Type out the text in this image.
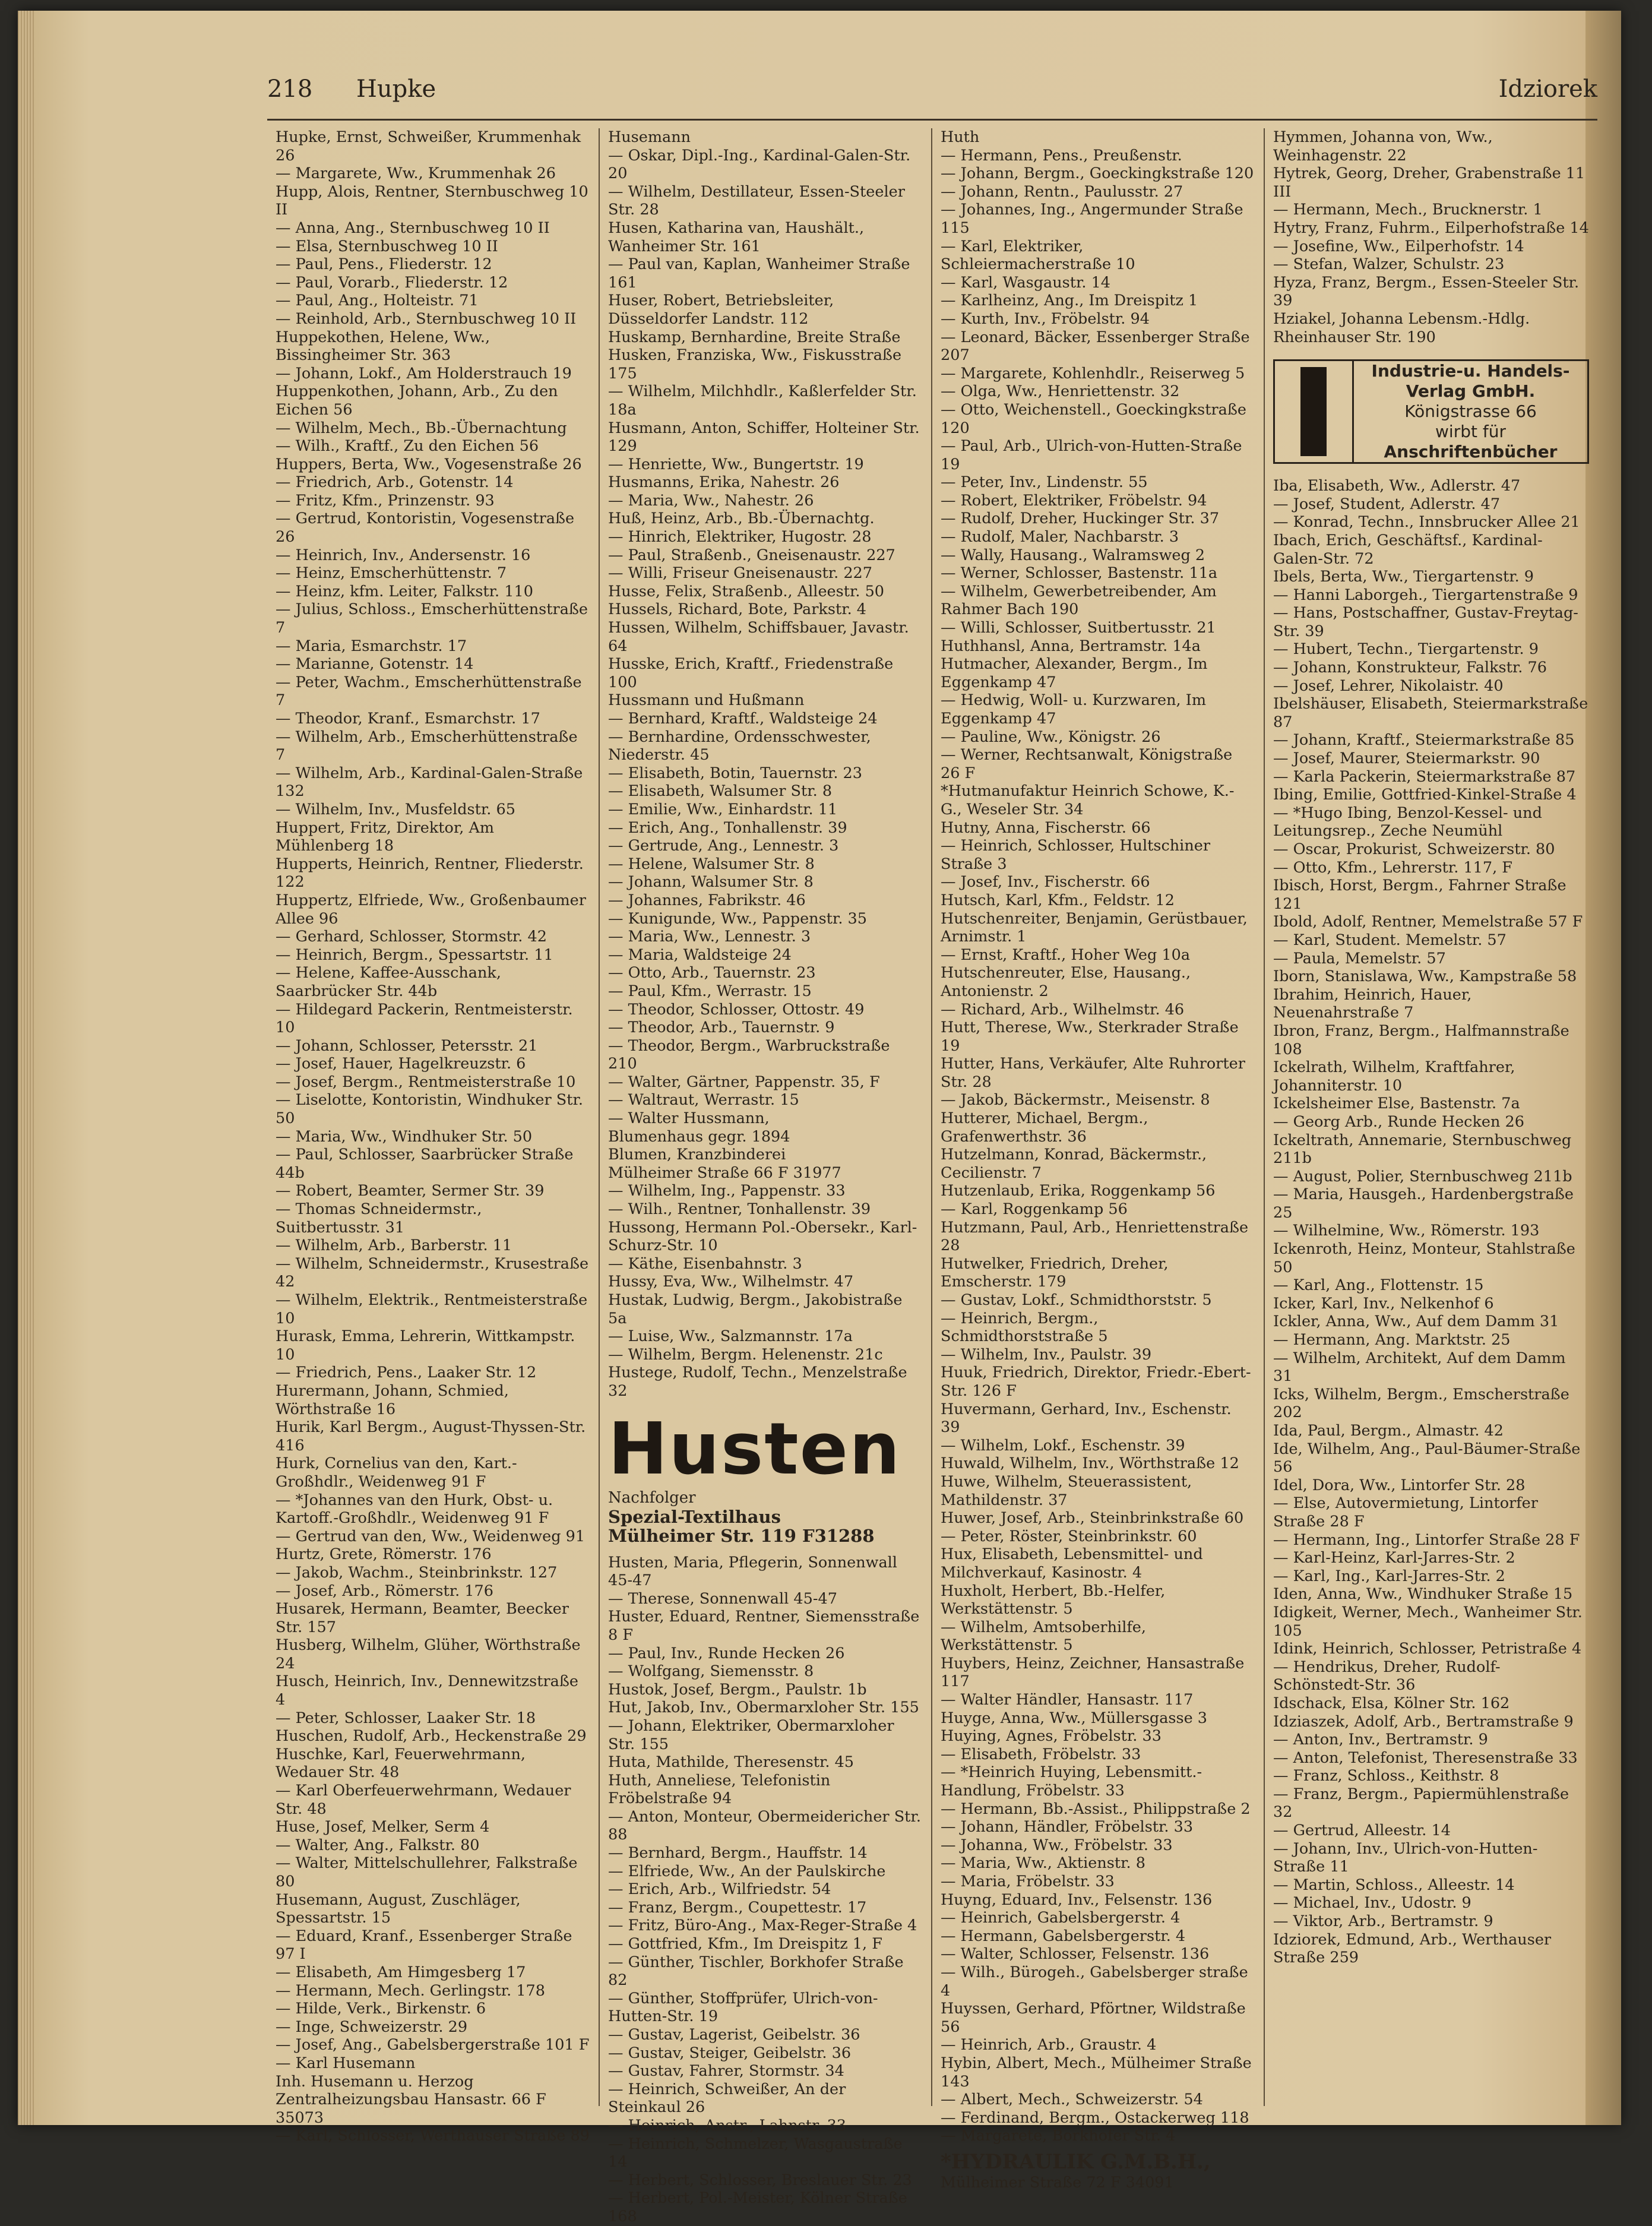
218	Hupke	Idziorek

Hupke, Ernst, Schweißer, Krummenhak 26

— Margarete, Ww., Krummenhak 26

Hupp, Alois, Rentner, Sternbuschweg 10 II

— Anna, Ang., Sternbuschweg 10 II

— Elsa, Sternbuschweg 10 II

— Paul, Pens., Fliederstr. 12

— Paul, Vorarb., Fliederstr. 12

— Paul, Ang., Holteistr. 71

— Reinhold, Arb., Sternbuschweg 10 II

Huppekothen, Helene, Ww., Bissingheimer Str. 363

— Johann, Lokf., Am Holderstrauch 19

Huppenkothen, Johann, Arb., Zu den Eichen 56

— Wilhelm, Mech., Bb.-Übernachtung

— Wilh., Kraftf., Zu den Eichen 56

Huppers, Berta, Ww., Vogesenstraße 26

— Friedrich, Arb., Gotenstr. 14

— Fritz, Kfm., Prinzenstr. 93

— Gertrud, Kontoristin, Vogesenstraße 26

— Heinrich, Inv., Andersenstr. 16

— Heinz, Emscherhüttenstr. 7

— Heinz, kfm. Leiter, Falkstr. 110

— Julius, Schloss., Emscherhüttenstraße 7

— Maria, Esmarchstr. 17

— Marianne, Gotenstr. 14

— Peter, Wachm., Emscherhüttenstraße 7

— Theodor, Kranf., Esmarchstr. 17

— Wilhelm, Arb., Emscherhüttenstraße 7

— Wilhelm, Arb., Kardinal-Galen-Straße 132

— Wilhelm, Inv., Musfeldstr. 65

Huppert, Fritz, Direktor, Am Mühlenberg 18

Hupperts, Heinrich, Rentner, Fliederstr. 122

Huppertz, Elfriede, Ww., Großenbaumer Allee 96

— Gerhard, Schlosser, Stormstr. 42

— Heinrich, Bergm., Spessartstr. 11

— Helene, Kaffee-Ausschank, Saarbrücker Str. 44b

— Hildegard Packerin, Rentmeisterstr. 10

— Johann, Schlosser, Petersstr. 21

— Josef, Hauer, Hagelkreuzstr. 6

— Josef, Bergm., Rentmeisterstraße 10

— Liselotte, Kontoristin, Windhuker Str. 50

— Maria, Ww., Windhuker Str. 50

— Paul, Schlosser, Saarbrücker Straße 44b

— Robert, Beamter, Sermer Str. 39

— Thomas Schneidermstr., Suitbertusstr. 31

— Wilhelm, Arb., Barberstr. 11

— Wilhelm, Schneidermstr., Krusestraße 42

— Wilhelm, Elektrik., Rentmeisterstraße 10

Hurask, Emma, Lehrerin, Wittkampstr. 10

— Friedrich, Pens., Laaker Str. 12

Hurermann, Johann, Schmied, Wörthstraße 16

Hurik, Karl Bergm., August-Thyssen-Str. 416

Hurk, Cornelius van den, Kart.-Großhdlr., Weidenweg 91 F

— *Johannes van den Hurk, Obst- u. Kartoff.-Großhdlr., Weidenweg 91 F

— Gertrud van den, Ww., Weidenweg 91

Hurtz, Grete, Römerstr. 176

— Jakob, Wachm., Steinbrinkstr. 127

— Josef, Arb., Römerstr. 176

Husarek, Hermann, Beamter, Beecker Str. 157

Husberg, Wilhelm, Glüher, Wörthstraße 24

Husch, Heinrich, Inv., Dennewitzstraße 4

— Peter, Schlosser, Laaker Str. 18

Huschen, Rudolf, Arb., Heckenstraße 29

Huschke, Karl, Feuerwehrmann, Wedauer Str. 48

— Karl Oberfeuerwehrmann, Wedauer Str. 48

Huse, Josef, Melker, Serm 4

— Walter, Ang., Falkstr. 80

— Walter, Mittelschullehrer, Falkstraße 80

Husemann, August, Zuschläger, Spessartstr. 15

— Eduard, Kranf., Essenberger Straße 97 I

— Elisabeth, Am Himgesberg 17

— Hermann, Mech. Gerlingstr. 178

— Hilde, Verk., Birkenstr. 6

— Inge, Schweizerstr. 29

— Josef, Ang., Gabelsbergerstraße 101 F

— Karl Husemann

Inh. Husemann u. Herzog Zentralheizungsbau Hansastr. 66 F 35073

— Karl, Schlosser, Werthauser Straße 89

Husemann

— Oskar, Dipl.-Ing., Kardinal-Galen-Str. 20

— Wilhelm, Destillateur, Essen-Steeler Str. 28

Husen, Katharina van, Haushält., Wanheimer Str. 161

— Paul van, Kaplan, Wanheimer Straße 161

Huser, Robert, Betriebsleiter, Düsseldorfer Landstr. 112

Huskamp, Bernhardine, Breite Straße

Husken, Franziska, Ww., Fiskusstraße 175

— Wilhelm, Milchhdlr., Kaßlerfelder Str. 18a

Husmann, Anton, Schiffer, Holteiner Str. 129

— Henriette, Ww., Bungertstr. 19

Husmanns, Erika, Nahestr. 26

— Maria, Ww., Nahestr. 26

Huß, Heinz, Arb., Bb.-Übernachtg.

— Hinrich, Elektriker, Hugostr. 28

— Paul, Straßenb., Gneisenaustr. 227

— Willi, Friseur Gneisenaustr. 227

Husse, Felix, Straßenb., Alleestr. 50

Hussels, Richard, Bote, Parkstr. 4

Hussen, Wilhelm, Schiffsbauer, Javastr. 64

Husske, Erich, Kraftf., Friedenstraße 100

Hussmann und Hußmann

— Bernhard, Kraftf., Waldsteige 24

— Bernhardine, Ordensschwester, Niederstr. 45

— Elisabeth, Botin, Tauernstr. 23

— Elisabeth, Walsumer Str. 8

— Emilie, Ww., Einhardstr. 11

— Erich, Ang., Tonhallenstr. 39

— Gertrude, Ang., Lennestr. 3

— Helene, Walsumer Str. 8

— Johann, Walsumer Str. 8

— Johannes, Fabrikstr. 46

— Kunigunde, Ww., Pappenstr. 35

— Maria, Ww., Lennestr. 3

— Maria, Waldsteige 24

— Otto, Arb., Tauernstr. 23

— Paul, Kfm., Werrastr. 15

— Theodor, Schlosser, Ottostr. 49

— Theodor, Arb., Tauernstr. 9

— Theodor, Bergm., Warbruckstraße 210

— Walter, Gärtner, Pappenstr. 35, F

— Waltraut, Werrastr. 15

— Walter Hussmann,

Blumenhaus gegr. 1894

Blumen, Kranzbinderei

Mülheimer Straße 66 F 31977

— Wilhelm, Ing., Pappenstr. 33

— Wilh., Rentner, Tonhallenstr. 39

Hussong, Hermann Pol.-Obersekr., Karl-Schurz-Str. 10

— Käthe, Eisenbahnstr. 3

Hussy, Eva, Ww., Wilhelmstr. 47

Hustak, Ludwig, Bergm., Jakobistraße 5a

— Luise, Ww., Salzmannstr. 17a

— Wilhelm, Bergm. Helenenstr. 21c

Hustege, Rudolf, Techn., Menzelstraße 32

Husten
Nachfolger
Spezial-Textilhaus
Mülheimer Str. 119 F31288

Husten, Maria, Pflegerin, Sonnenwall 45-47

— Therese, Sonnenwall 45-47

Huster, Eduard, Rentner, Siemensstraße 8 F

— Paul, Inv., Runde Hecken 26

— Wolfgang, Siemensstr. 8

Hustok, Josef, Bergm., Paulstr. 1b

Hut, Jakob, Inv., Obermarxloher Str. 155

— Johann, Elektriker, Obermarxloher Str. 155

Huta, Mathilde, Theresenstr. 45

Huth, Anneliese, Telefonistin Fröbelstraße 94

— Anton, Monteur, Obermeidericher Str. 88

— Bernhard, Bergm., Hauffstr. 14

— Elfriede, Ww., An der Paulskirche

— Erich, Arb., Wilfriedstr. 54

— Franz, Bergm., Coupettestr. 17

— Fritz, Büro-Ang., Max-Reger-Straße 4

— Gottfried, Kfm., Im Dreispitz 1, F

— Günther, Tischler, Borkhofer Straße 82

— Günther, Stoffprüfer, Ulrich-von-Hutten-Str. 19

— Gustav, Lagerist, Geibelstr. 36

— Gustav, Steiger, Geibelstr. 36

— Gustav, Fahrer, Stormstr. 34

— Heinrich, Schweißer, An der Steinkaul 26

— Heinrich, Anstr., Lahnstr. 33

— Heinrich, Schmelzer, Wasgaustraße 14

— Herbert, Schlosser, Breslauer Str. 23

— Herbert, Pol.-Meister, Kölner Straße 168

Huth

— Hermann, Pens., Preußenstr.

— Johann, Bergm., Goeckingkstraße 120

— Johann, Rentn., Paulusstr. 27

— Johannes, Ing., Angermunder Straße 115

— Karl, Elektriker, Schleiermacherstraße 10

— Karl, Wasgaustr. 14

— Karlheinz, Ang., Im Dreispitz 1

— Kurth, Inv., Fröbelstr. 94

— Leonard, Bäcker, Essenberger Straße 207

— Margarete, Kohlenhdlr., Reiserweg 5

— Olga, Ww., Henriettenstr. 32

— Otto, Weichenstell., Goeckingkstraße 120

— Paul, Arb., Ulrich-von-Hutten-Straße 19

— Peter, Inv., Lindenstr. 55

— Robert, Elektriker, Fröbelstr. 94

— Rudolf, Dreher, Huckinger Str. 37

— Rudolf, Maler, Nachbarstr. 3

— Wally, Hausang., Walramsweg 2

— Werner, Schlosser, Bastenstr. 11a

— Wilhelm, Gewerbetreibender, Am Rahmer Bach 190

— Willi, Schlosser, Suitbertusstr. 21

Huthhansl, Anna, Bertramstr. 14a

Hutmacher, Alexander, Bergm., Im Eggenkamp 47

— Hedwig, Woll- u. Kurzwaren, Im Eggenkamp 47

— Pauline, Ww., Königstr. 26

— Werner, Rechtsanwalt, Königstraße 26 F

*Hutmanufaktur Heinrich Schowe, K.-G., Weseler Str. 34

Hutny, Anna, Fischerstr. 66

— Heinrich, Schlosser, Hultschiner Straße 3

— Josef, Inv., Fischerstr. 66

Hutsch, Karl, Kfm., Feldstr. 12

Hutschenreiter, Benjamin, Gerüstbauer, Arnimstr. 1

— Ernst, Kraftf., Hoher Weg 10a

Hutschenreuter, Else, Hausang., Antonienstr. 2

— Richard, Arb., Wilhelmstr. 46

Hutt, Therese, Ww., Sterkrader Straße 19

Hutter, Hans, Verkäufer, Alte Ruhrorter Str. 28

— Jakob, Bäckermstr., Meisenstr. 8

Hutterer, Michael, Bergm., Grafenwerthstr. 36

Hutzelmann, Konrad, Bäckermstr., Cecilienstr. 7

Hutzenlaub, Erika, Roggenkamp 56

— Karl, Roggenkamp 56

Hutzmann, Paul, Arb., Henriettenstraße 28

Hutwelker, Friedrich, Dreher, Emscherstr. 179

— Gustav, Lokf., Schmidthorststr. 5

— Heinrich, Bergm., Schmidthorststraße 5

— Wilhelm, Inv., Paulstr. 39

Huuk, Friedrich, Direktor, Friedr.-Ebert-Str. 126 F

Huvermann, Gerhard, Inv., Eschenstr. 39

— Wilhelm, Lokf., Eschenstr. 39

Huwald, Wilhelm, Inv., Wörthstraße 12

Huwe, Wilhelm, Steuerassistent, Mathildenstr. 37

Huwer, Josef, Arb., Steinbrinkstraße 60

— Peter, Röster, Steinbrinkstr. 60

Hux, Elisabeth, Lebensmittel- und Milchverkauf, Kasinostr. 4

Huxholt, Herbert, Bb.-Helfer, Werkstättenstr. 5

— Wilhelm, Amtsoberhilfe, Werkstättenstr. 5

Huybers, Heinz, Zeichner, Hansastraße 117

— Walter Händler, Hansastr. 117

Huyge, Anna, Ww., Müllersgasse 3

Huying, Agnes, Fröbelstr. 33

— Elisabeth, Fröbelstr. 33

— *Heinrich Huying, Lebensmitt.-Handlung, Fröbelstr. 33

— Hermann, Bb.-Assist., Philippstraße 2

— Johann, Händler, Fröbelstr. 33

— Johanna, Ww., Fröbelstr. 33

— Maria, Ww., Aktienstr. 8

— Maria, Fröbelstr. 33

Huyng, Eduard, Inv., Felsenstr. 136

— Heinrich, Gabelsbergerstr. 4

— Hermann, Gabelsbergerstr. 4

— Walter, Schlosser, Felsenstr. 136

— Wilh., Bürogeh., Gabelsberger straße 4

Huyssen, Gerhard, Pförtner, Wildstraße 56

— Heinrich, Arb., Graustr. 4

Hybin, Albert, Mech., Mülheimer Straße 143

— Albert, Mech., Schweizerstr. 54

— Ferdinand, Bergm., Ostackerweg 118

— Margarete, Borkhofer Str. 4

*HYDRAULIK G.M.B.H.,
Mülheimer Straße 72 F 34091

Hymmen, Johanna von, Ww., Weinhagenstr. 22

Hytrek, Georg, Dreher, Grabenstraße 11 III

— Hermann, Mech., Brucknerstr. 1

Hytry, Franz, Fuhrm., Eilperhofstraße 14

— Josefine, Ww., Eilperhofstr. 14

— Stefan, Walzer, Schulstr. 23

Hyza, Franz, Bergm., Essen-Steeler Str. 39

Hziakel, Johanna Lebensm.-Hdlg. Rheinhauser Str. 190

Industrie-u. Handels-
Verlag GmbH.
Königstrasse 66
wirbt für
Anschriftenbücher

Iba, Elisabeth, Ww., Adlerstr. 47

— Josef, Student, Adlerstr. 47

— Konrad, Techn., Innsbrucker Allee 21

Ibach, Erich, Geschäftsf., Kardinal-Galen-Str. 72

Ibels, Berta, Ww., Tiergartenstr. 9

— Hanni Laborgeh., Tiergartenstraße 9

— Hans, Postschaffner, Gustav-Freytag-Str. 39

— Hubert, Techn., Tiergartenstr. 9

— Johann, Konstrukteur, Falkstr. 76

— Josef, Lehrer, Nikolaistr. 40

Ibelshäuser, Elisabeth, Steiermarkstraße 87

— Johann, Kraftf., Steiermarkstraße 85

— Josef, Maurer, Steiermarkstr. 90

— Karla Packerin, Steiermarkstraße 87

Ibing, Emilie, Gottfried-Kinkel-Straße 4

— *Hugo Ibing, Benzol-Kessel- und Leitungsrep., Zeche Neumühl

— Oscar, Prokurist, Schweizerstr. 80

— Otto, Kfm., Lehrerstr. 117, F

Ibisch, Horst, Bergm., Fahrner Straße 121

Ibold, Adolf, Rentner, Memelstraße 57 F

— Karl, Student. Memelstr. 57

— Paula, Memelstr. 57

Iborn, Stanislawa, Ww., Kampstraße 58

Ibrahim, Heinrich, Hauer, Neuenahrstraße 7

Ibron, Franz, Bergm., Halfmannstraße 108

Ickelrath, Wilhelm, Kraftfahrer, Johanniterstr. 10

Ickelsheimer Else, Bastenstr. 7a

— Georg Arb., Runde Hecken 26

Ickeltrath, Annemarie, Sternbuschweg 211b

— August, Polier, Sternbuschweg 211b

— Maria, Hausgeh., Hardenbergstraße 25

— Wilhelmine, Ww., Römerstr. 193

Ickenroth, Heinz, Monteur, Stahlstraße 50

— Karl, Ang., Flottenstr. 15

Icker, Karl, Inv., Nelkenhof 6

Ickler, Anna, Ww., Auf dem Damm 31

— Hermann, Ang. Marktstr. 25

— Wilhelm, Architekt, Auf dem Damm 31

Icks, Wilhelm, Bergm., Emscherstraße 202

Ida, Paul, Bergm., Almastr. 42

Ide, Wilhelm, Ang., Paul-Bäumer-Straße 56

Idel, Dora, Ww., Lintorfer Str. 28

— Else, Autovermietung, Lintorfer Straße 28 F

— Hermann, Ing., Lintorfer Straße 28 F

— Karl-Heinz, Karl-Jarres-Str. 2

— Karl, Ing., Karl-Jarres-Str. 2

Iden, Anna, Ww., Windhuker Straße 15

Idigkeit, Werner, Mech., Wanheimer Str. 105

Idink, Heinrich, Schlosser, Petristraße 4

— Hendrikus, Dreher, Rudolf-Schönstedt-Str. 36

Idschack, Elsa, Kölner Str. 162

Idziaszek, Adolf, Arb., Bertramstraße 9

— Anton, Inv., Bertramstr. 9

— Anton, Telefonist, Theresenstraße 33

— Franz, Schloss., Keithstr. 8

— Franz, Bergm., Papiermühlenstraße 32

— Gertrud, Alleestr. 14

— Johann, Inv., Ulrich-von-Hutten-Straße 11

— Martin, Schloss., Alleestr. 14

— Michael, Inv., Udostr. 9

— Viktor, Arb., Bertramstr. 9

Idziorek, Edmund, Arb., Werthauser Straße 259
